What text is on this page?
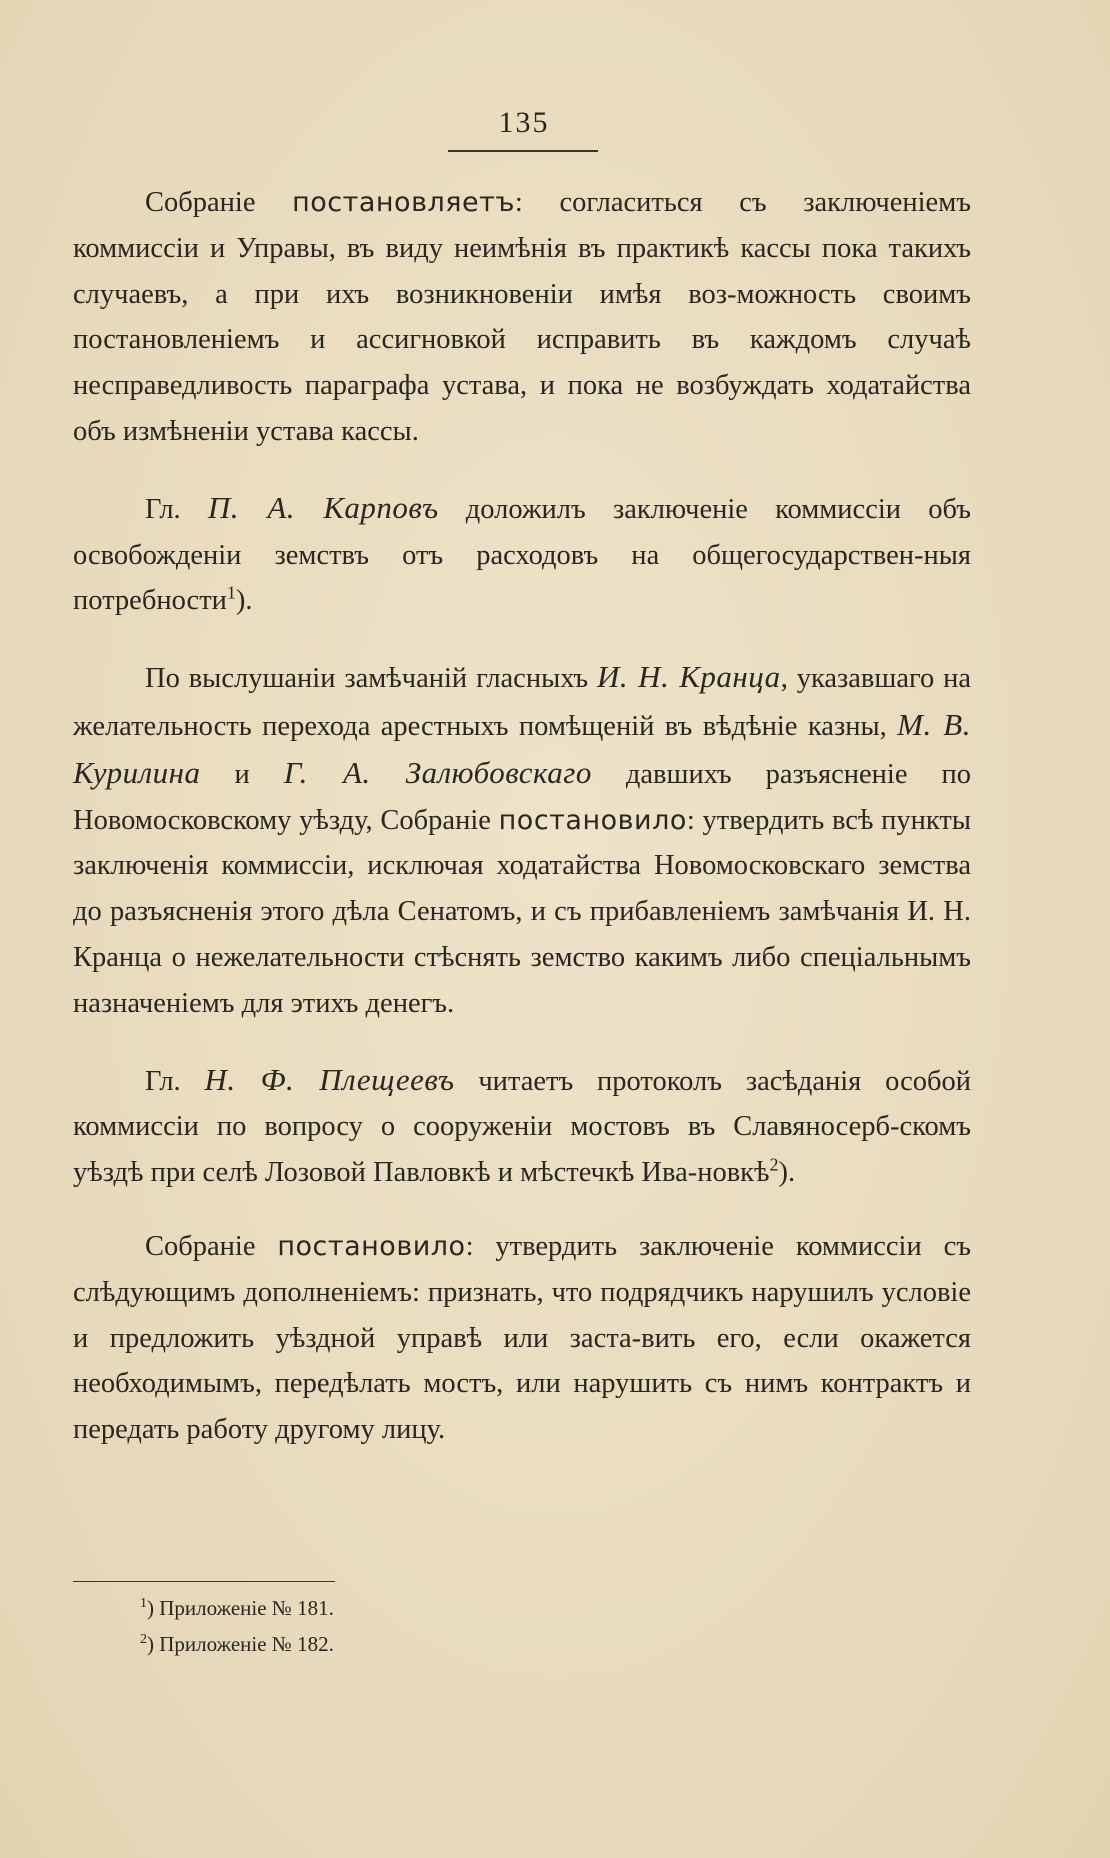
135

Собраніе постановляетъ: согласиться съ заключеніемъ коммиссіи и Управы, въ виду неимѣнія въ практикѣ кассы пока такихъ случаевъ, а при ихъ возникновеніи имѣя воз-можность своимъ постановленіемъ и ассигновкой исправить въ каждомъ случаѣ несправедливость параграфа устава, и пока не возбуждать ходатайства объ измѣненіи устава кассы.

Гл. П. А. Карповъ доложилъ заключеніе коммиссіи объ освобожденіи земствъ отъ расходовъ на общегосударствен-ныя потребности$^1$).

По выслушаніи замѣчаній гласныхъ И. Н. Кранца, указавшаго на желательность перехода арестныхъ помѣщеній въ вѣдѣніе казны, М. В. Курилина и Г. А. Залюбовскаго давшихъ разъясненіе по Новомосковскому уѣзду, Собраніе постановило: утвердить всѣ пункты заключенія коммиссіи, исключая ходатайства Новомосковскаго земства до разъясненія этого дѣла Сенатомъ, и съ прибавленіемъ замѣчанія И. Н. Кранца о нежелательности стѣснять земство какимъ либо спеціальнымъ назначеніемъ для этихъ денегъ.

Гл. Н. Ф. Плещеевъ читаетъ протоколъ засѣданія особой коммиссіи по вопросу о сооруженіи мостовъ въ Славяносерб-скомъ уѣздѣ при селѣ Лозовой Павловкѣ и мѣстечкѣ Ива-новкѣ$^2$).

Собраніе постановило: утвердить заключеніе коммиссіи съ слѣдующимъ дополненіемъ: признать, что подрядчикъ нарушилъ условіе и предложить уѣздной управѣ или заста-вить его, если окажется необходимымъ, передѣлать мостъ, или нарушить съ нимъ контрактъ и передать работу другому лицу.

$^1$) Приложеніе № 181.

$^2$) Приложеніе № 182.
